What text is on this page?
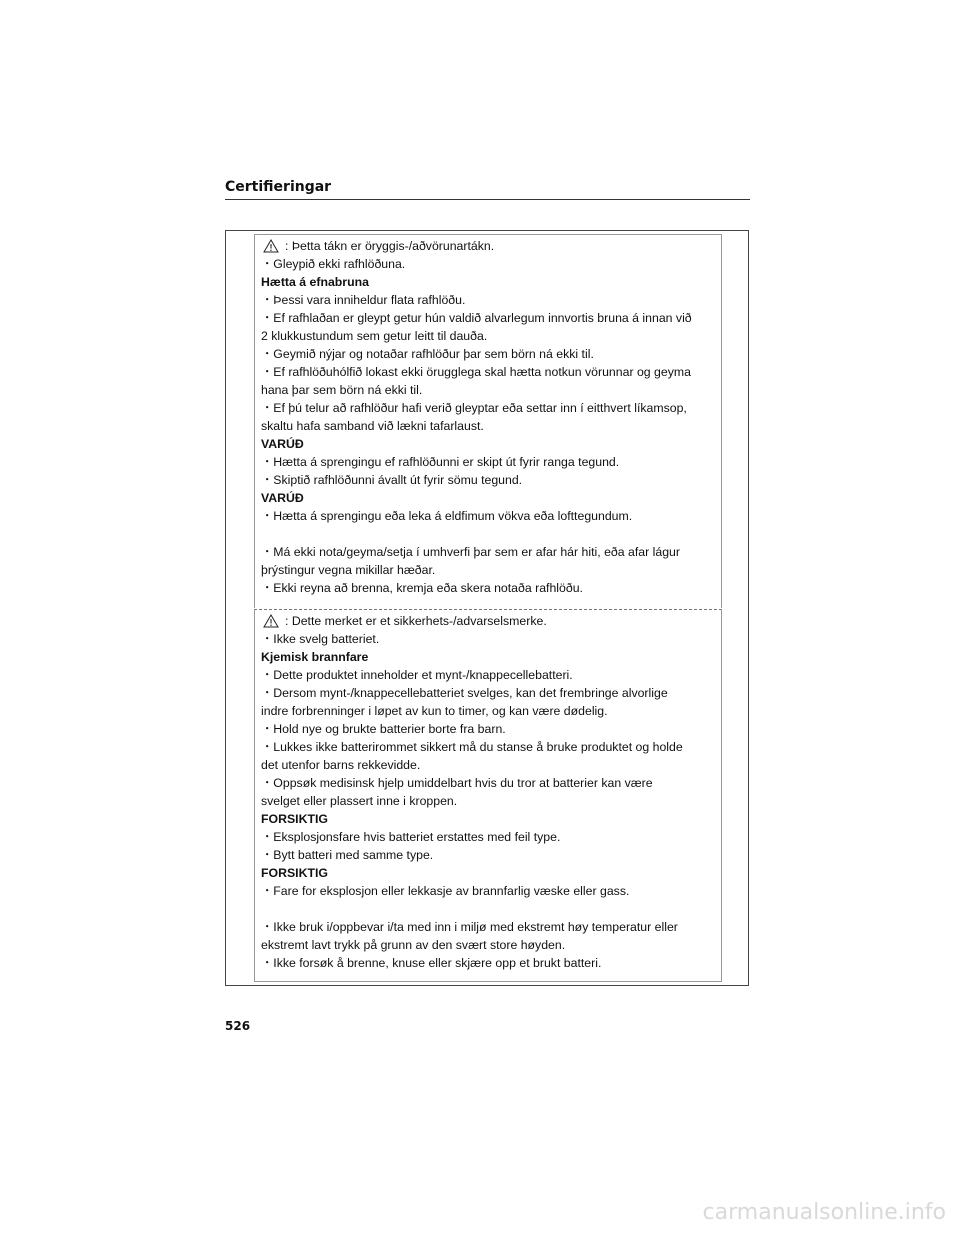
Certifieringar
: Þetta tákn er öryggis-/aðvörunartákn.
・Gleypið ekki rafhlöðuna.
Hætta á efnabruna
・Þessi vara inniheldur flata rafhlöðu.
・Ef rafhlaðan er gleypt getur hún valdið alvarlegum innvortis bruna á innan við
2 klukkustundum sem getur leitt til dauða.
・Geymið nýjar og notaðar rafhlöður þar sem börn ná ekki til.
・Ef rafhlöðuhólfið lokast ekki örugglega skal hætta notkun vörunnar og geyma
hana þar sem börn ná ekki til.
・Ef þú telur að rafhlöður hafi verið gleyptar eða settar inn í eitthvert líkamsop,
skaltu hafa samband við lækni tafarlaust.
VARÚÐ
・Hætta á sprengingu ef rafhlöðunni er skipt út fyrir ranga tegund.
・Skiptið rafhlöðunni ávallt út fyrir sömu tegund.
VARÚÐ
・Hætta á sprengingu eða leka á eldfimum vökva eða lofttegundum.
・Má ekki nota/geyma/setja í umhverfi þar sem er afar hár hiti, eða afar lágur
þrýstingur vegna mikillar hæðar.
・Ekki reyna að brenna, kremja eða skera notaða rafhlöðu.
: Dette merket er et sikkerhets-/advarselsmerke.
・Ikke svelg batteriet.
Kjemisk brannfare
・Dette produktet inneholder et mynt-/knappecellebatteri.
・Dersom mynt-/knappecellebatteriet svelges, kan det frembringe alvorlige
indre forbrenninger i løpet av kun to timer, og kan være dødelig.
・Hold nye og brukte batterier borte fra barn.
・Lukkes ikke batterirommet sikkert må du stanse å bruke produktet og holde
det utenfor barns rekkevidde.
・Oppsøk medisinsk hjelp umiddelbart hvis du tror at batterier kan være
svelget eller plassert inne i kroppen.
FORSIKTIG
・Eksplosjonsfare hvis batteriet erstattes med feil type.
・Bytt batteri med samme type.
FORSIKTIG
・Fare for eksplosjon eller lekkasje av brannfarlig væske eller gass.
・Ikke bruk i/oppbevar i/ta med inn i miljø med ekstremt høy temperatur eller
ekstremt lavt trykk på grunn av den svært store høyden.
・Ikke forsøk å brenne, knuse eller skjære opp et brukt batteri.
526
carmanualsonline.info
